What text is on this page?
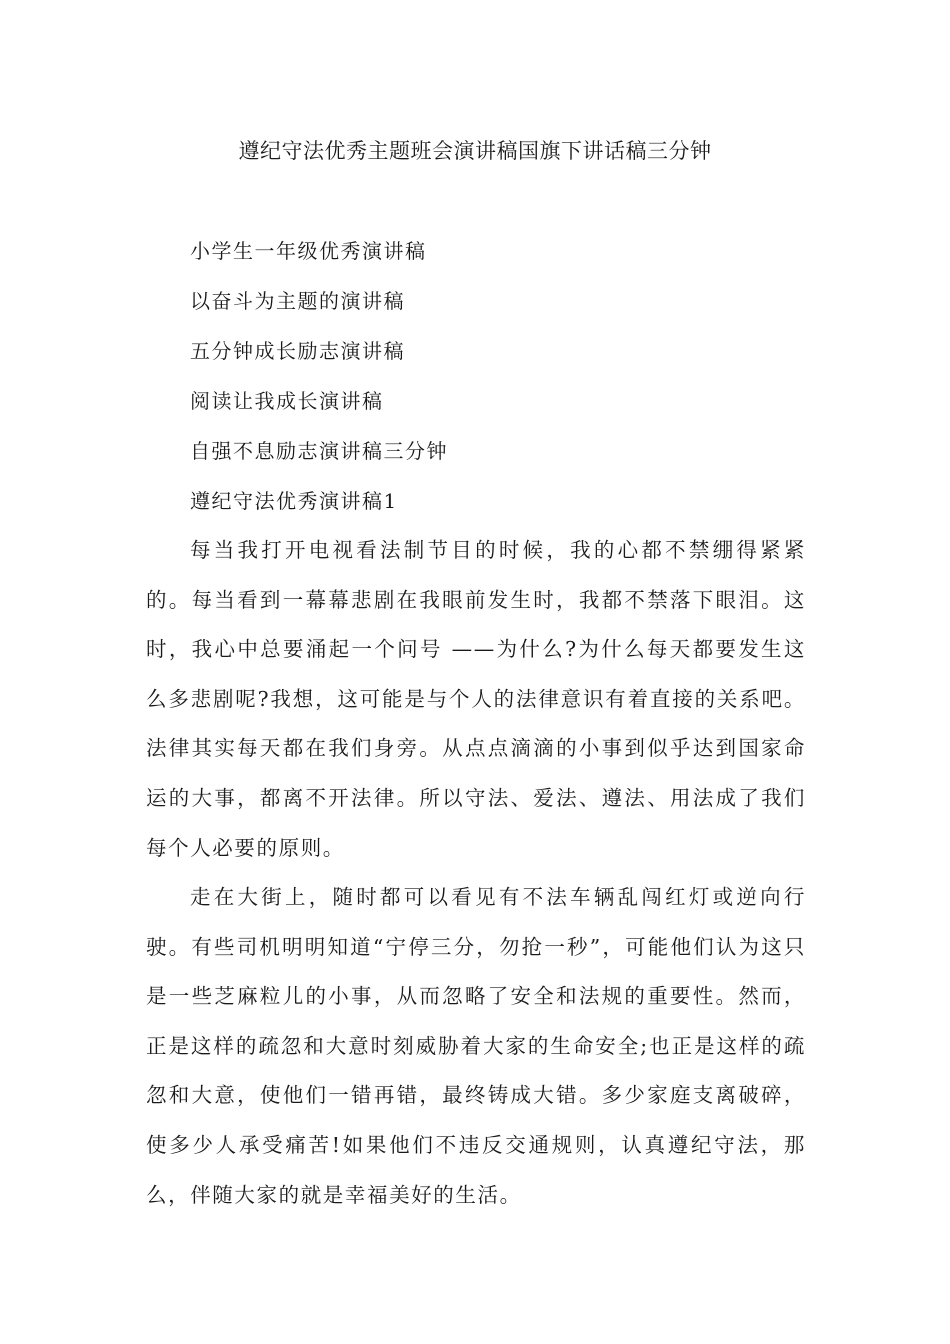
遵纪守法优秀主题班会演讲稿国旗下讲话稿三分钟
小学生一年级优秀演讲稿
以奋斗为主题的演讲稿
五分钟成长励志演讲稿
阅读让我成长演讲稿
自强不息励志演讲稿三分钟
遵纪守法优秀演讲稿1

每当我打开电视看法制节目的时候，我的心都不禁绷得紧紧的。每当看到一幕幕悲剧在我眼前发生时，我都不禁落下眼泪。这时，我心中总要涌起一个问号 ——为什么?为什么每天都要发生这么多悲剧呢?我想，这可能是与个人的法律意识有着直接的关系吧。法律其实每天都在我们身旁。从点点滴滴的小事到似乎达到国家命运的大事，都离不开法律。所以守法、爱法、遵法、用法成了我们每个人必要的原则。

走在大街上，随时都可以看见有不法车辆乱闯红灯或逆向行驶。有些司机明明知道“宁停三分，勿抢一秒”，可能他们认为这只是一些芝麻粒儿的小事，从而忽略了安全和法规的重要性。然而，正是这样的疏忽和大意时刻威胁着大家的生命安全;也正是这样的疏忽和大意，使他们一错再错，最终铸成大错。多少家庭支离破碎，使多少人承受痛苦!如果他们不违反交通规则，认真遵纪守法，那么，伴随大家的就是幸福美好的生活。
